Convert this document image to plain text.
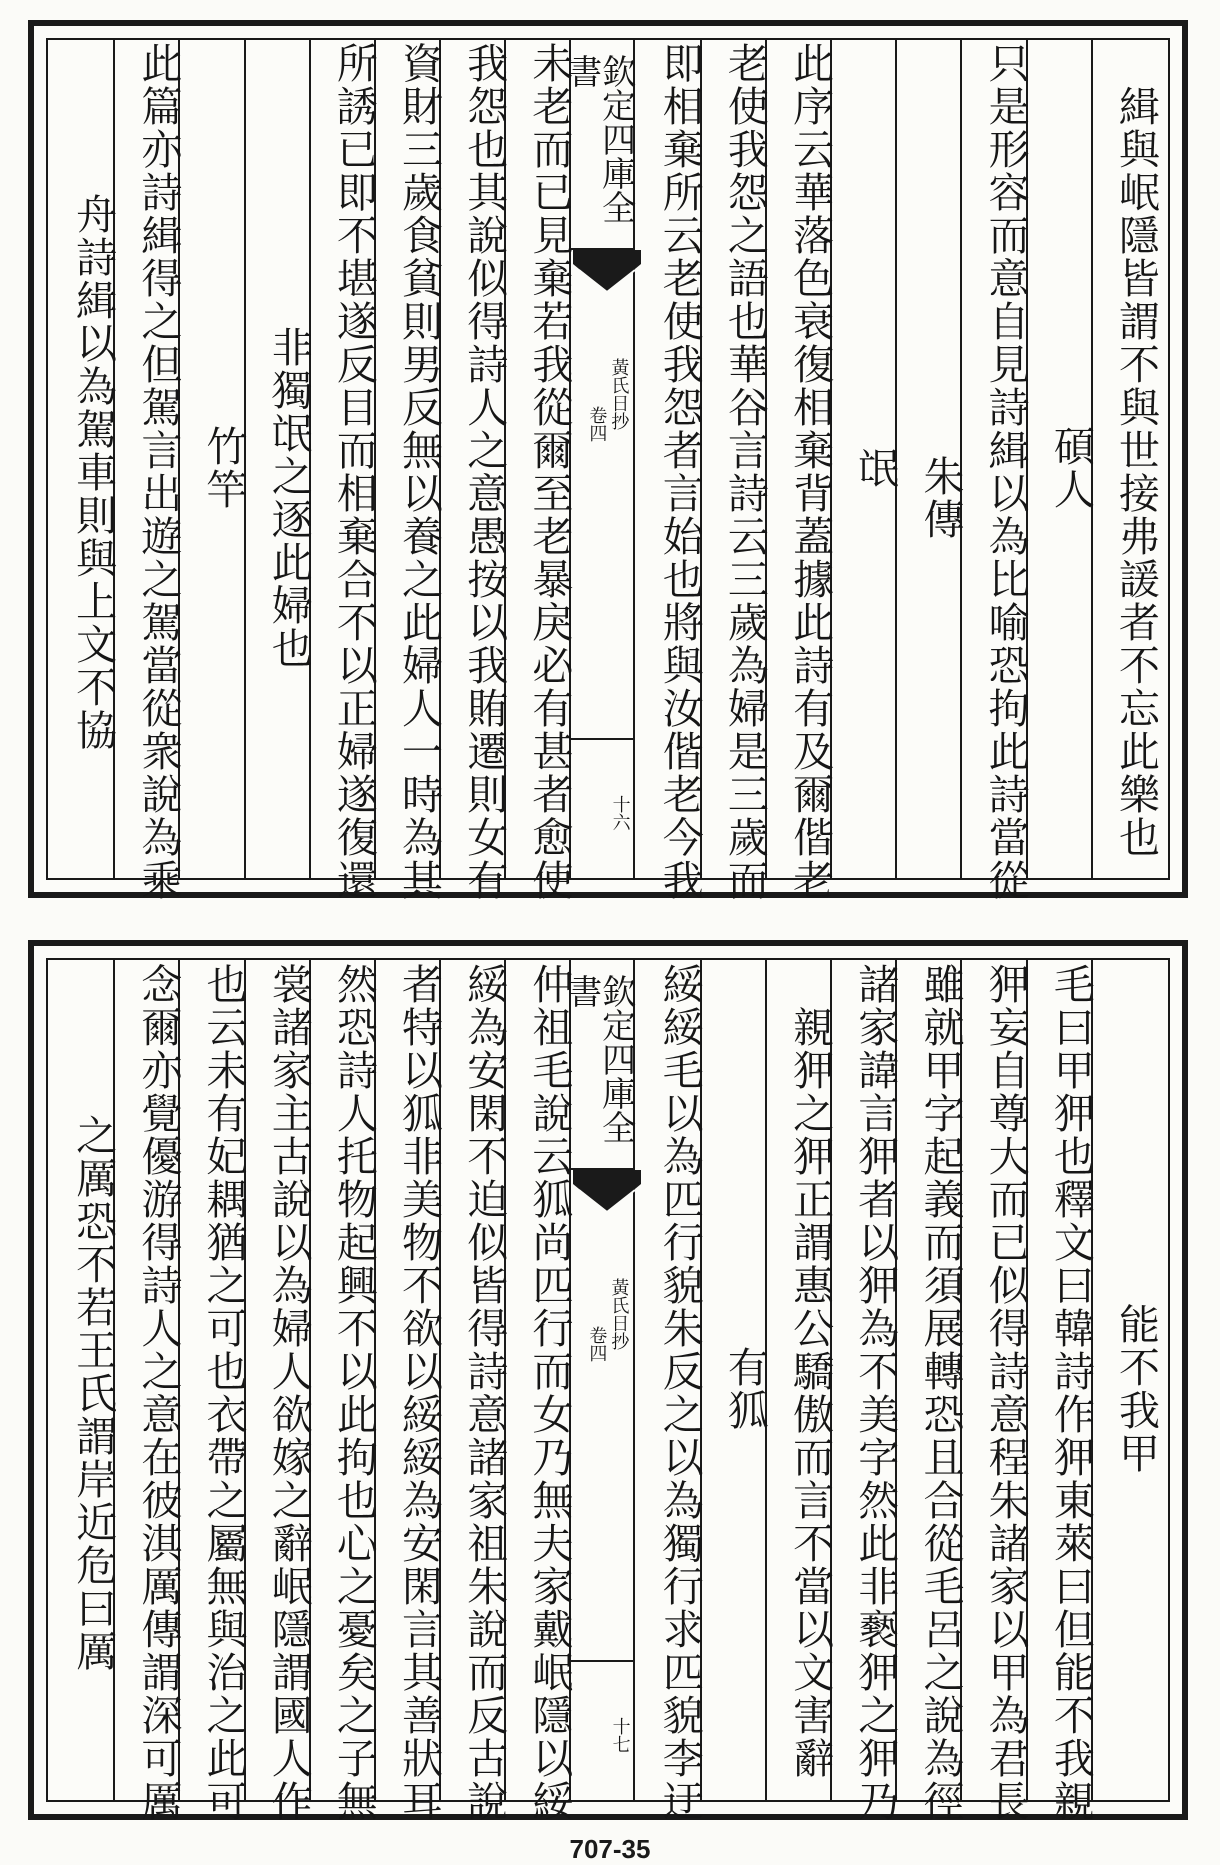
緝與岷隱皆謂不與世接弗諼者不忘此樂也
碩人
只是形容而意自見詩緝以為比喻恐拘此詩當從
朱傳
氓
此序云華落色衰復相棄背蓋據此詩有及爾偕老
老使我怨之語也華谷言詩云三歲為婦是三歲而
即相棄所云老使我怨者言始也將與汝偕老今我
欽定四庫全書
黃氏日抄
卷四
十六
未老而已見棄若我從爾至老暴戾必有甚者愈使
我怨也其說似得詩人之意愚按以我賄遷則女有
資財三歲食貧則男反無以養之此婦人一時為其
所誘已即不堪遂反目而相棄合不以正婦遂復還
非獨氓之逐此婦也
竹竿
此篇亦詩緝得之但駕言出遊之駕當從衆說為乘
舟詩緝以為駕車則與上文不協
能不我甲
毛曰甲狎也釋文曰韓詩作狎東萊曰但能不我親
狎妄自尊大而已似得詩意程朱諸家以甲為君長
雖就甲字起義而須展轉恐且合從毛呂之說為徑
諸家諱言狎者以狎為不美字然此非褻狎之狎乃
親狎之狎正謂惠公驕傲而言不當以文害辭
有狐
綏綏毛以為匹行貌朱反之以為獨行求匹貌李迂
欽定四庫全書
黃氏日抄
卷四
十七
仲祖毛說云狐尚匹行而女乃無夫家戴岷隱以綏
綏為安閑不迫似皆得詩意諸家祖朱說而反古說
者特以狐非美物不欲以綏綏為安閑言其善狀耳
然恐詩人托物起興不以此拘也心之憂矣之子無
裳諸家主古說以為婦人欲嫁之辭岷隱謂國人作
也云未有妃耦猶之可也衣帶之屬無與治之此可
念爾亦覺優游得詩人之意在彼淇厲傳謂深可厲
之厲恐不若王氏謂岸近危曰厲
707-35
